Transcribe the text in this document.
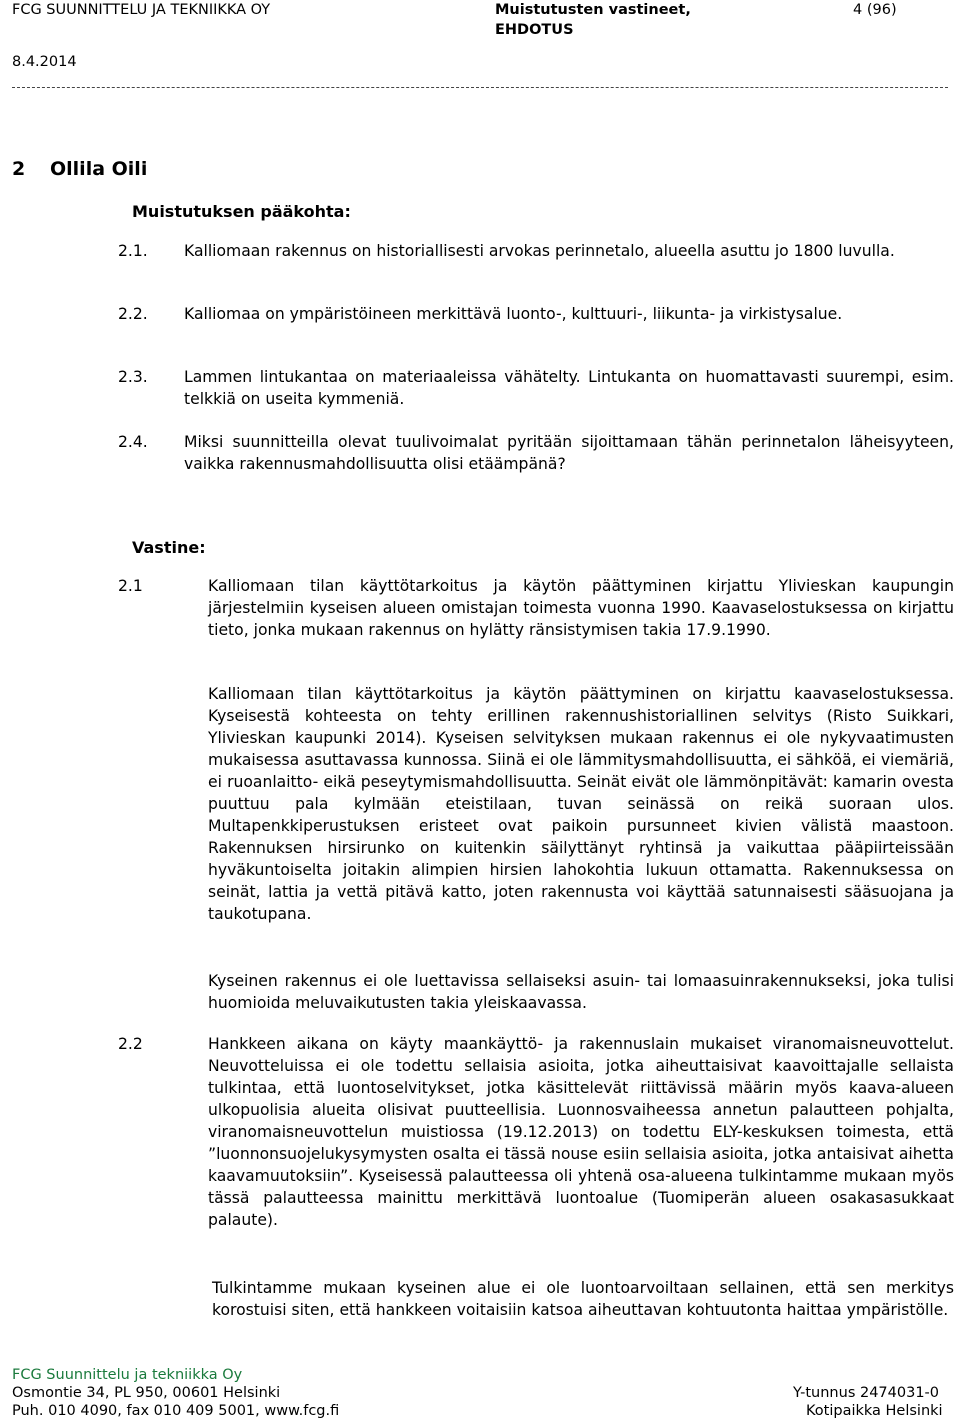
FCG SUUNNITTELU JA TEKNIIKKA OY
8.4.2014
Muistutusten vastineet,
EHDOTUS
4 (96)
2 Ollila Oili
Muistutuksen pääkohta:
2.1. Kalliomaan rakennus on historiallisesti arvokas perinnetalo, alueella asuttu jo 1800 luvulla.
2.2. Kalliomaa on ympäristöineen merkittävä luonto-, kulttuuri-, liikunta- ja virkistysalue.
2.3. Lammen lintukantaa on materiaaleissa vähätelty. Lintukanta on huomattavasti suurempi, esim. telkkiä on useita kymmeniä.
2.4. Miksi suunnitteilla olevat tuulivoimalat pyritään sijoittamaan tähän perinnetalon läheisyyteen, vaikka rakennusmahdollisuutta olisi etäämpänä?
Vastine:
2.1	Kalliomaan tilan käyttötarkoitus ja käytön päättyminen kirjattu Ylivieskan kaupungin järjestelmiin kyseisen alueen omistajan toimesta vuonna 1990. Kaavaselostuksessa on kirjattu tieto, jonka mukaan rakennus on hylätty ränsistymisen takia 17.9.1990.
Kalliomaan tilan käyttötarkoitus ja käytön päättyminen on kirjattu kaavaselostuksessa. Kyseisestä kohteesta on tehty erillinen rakennushistoriallinen selvitys (Risto Suikkari, Ylivieskan kaupunki 2014). Kyseisen selvityksen mukaan rakennus ei ole nykyvaatimusten mukaisessa asuttavassa kunnossa. Siinä ei ole lämmitysmahdollisuutta, ei sähköä, ei viemäriä, ei ruoanlaitto- eikä peseytymismahdollisuutta. Seinät eivät ole lämmönpitävät: kamarin ovesta puuttuu pala kylmään eteistilaan, tuvan seinässä on reikä suoraan ulos. Multapenkkiperustuksen eristeet ovat paikoin pursunneet kivien välistä maastoon. Rakennuksen hirsirunko on kuitenkin säilyttänyt ryhtinsä ja vaikuttaa pääpiirteissään hyväkuntoiselta joitakin alimpien hirsien lahokohtia lukuun ottamatta. Rakennuksessa on seinät, lattia ja vettä pitävä katto, joten rakennusta voi käyttää satunnaisesti sääsuojana ja taukotupana.
Kyseinen rakennus ei ole luettavissa sellaiseksi asuin- tai lomaasuinrakennukseksi, joka tulisi huomioida meluvaikutusten takia yleiskaavassa.
2.2	Hankkeen aikana on käyty maankäyttö- ja rakennuslain mukaiset viranomaisneuvottelut. Neuvotteluissa ei ole todettu sellaisia asioita, jotka aiheuttaisivat kaavoittajalle sellaista tulkintaa, että luontoselvitykset, jotka käsittelevät riittävissä määrin myös kaava-alueen ulkopuolisia alueita olisivat puutteellisia. Luonnosvaiheessa annetun palautteen pohjalta, viranomaisneuvottelun muistiossa (19.12.2013) on todettu ELY-keskuksen toimesta, että ”luonnonsuojelukysymysten osalta ei tässä nouse esiin sellaisia asioita, jotka antaisivat aihetta kaavamuutoksiin”. Kyseisessä palautteessa oli yhtenä osa-alueena tulkintamme mukaan myös tässä palautteessa mainittu merkittävä luontoalue (Tuomiperän alueen osakasasukkaat palaute).
Tulkintamme mukaan kyseinen alue ei ole luontoarvoiltaan sellainen, että sen merkitys korostuisi siten, että hankkeen voitaisiin katsoa aiheuttavan kohtuutonta haittaa ympäristölle.
FCG Suunnittelu ja tekniikka Oy
Osmontie 34, PL 950, 00601 Helsinki
Puh. 010 4090, fax 010 409 5001, www.fcg.fi
Y-tunnus 2474031-0
Kotipaikka Helsinki
